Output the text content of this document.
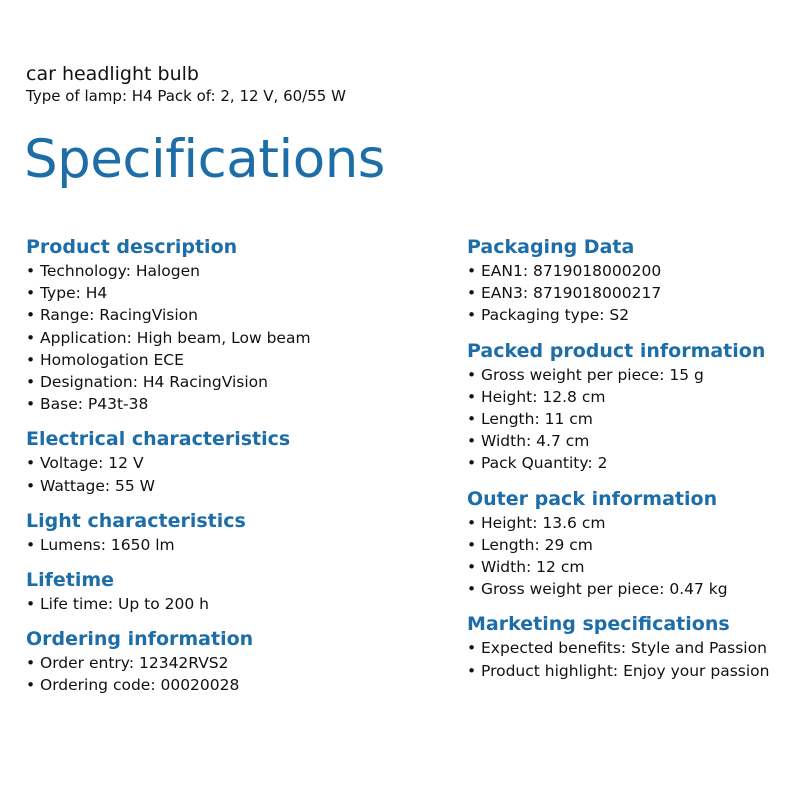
car headlight bulb
Type of lamp: H4 Pack of: 2, 12 V, 60/55 W
Specifications
Product description
• Technology: Halogen
• Type: H4
• Range: RacingVision
• Application: High beam, Low beam
• Homologation ECE
• Designation: H4 RacingVision
• Base: P43t-38
Electrical characteristics
• Voltage: 12 V
• Wattage: 55 W
Light characteristics
• Lumens: 1650 lm
Lifetime
• Life time: Up to 200 h
Ordering information
• Order entry: 12342RVS2
• Ordering code: 00020028
Packaging Data
• EAN1: 8719018000200
• EAN3: 8719018000217
• Packaging type: S2
Packed product information
• Gross weight per piece: 15 g
• Height: 12.8 cm
• Length: 11 cm
• Width: 4.7 cm
• Pack Quantity: 2
Outer pack information
• Height: 13.6 cm
• Length: 29 cm
• Width: 12 cm
• Gross weight per piece: 0.47 kg
Marketing specifications
• Expected benefits: Style and Passion
• Product highlight: Enjoy your passion
